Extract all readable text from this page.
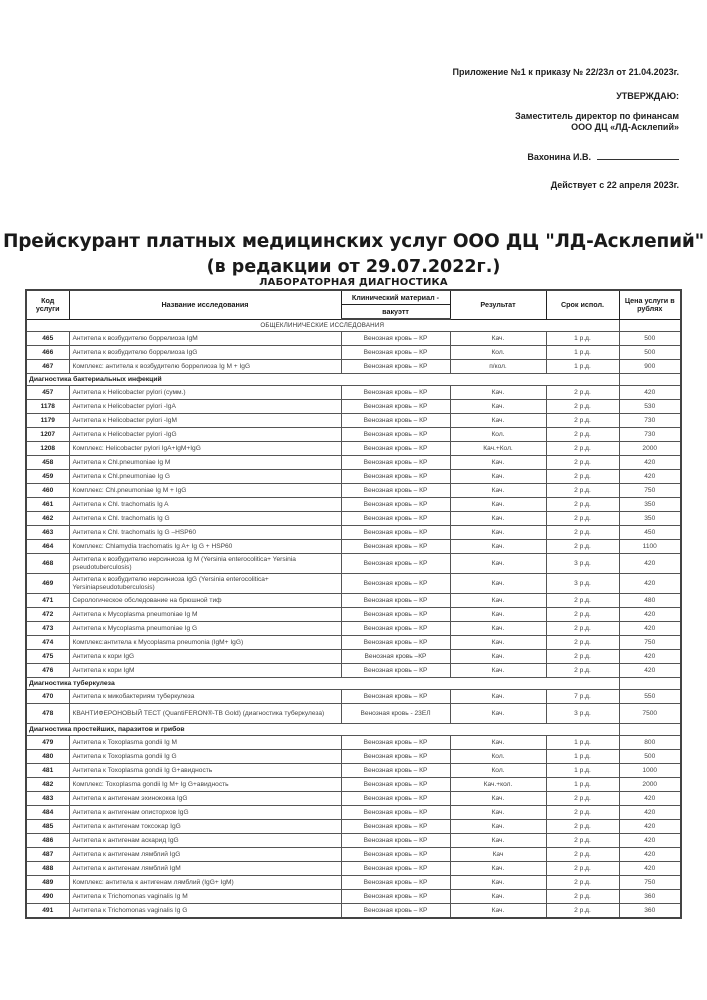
Приложение №1 к приказу № 22/23л от 21.04.2023г.
УТВЕРЖДАЮ:
Заместитель директор по финансам
ООО ДЦ «ЛД-Асклепий»
Вахонина И.В.
Действует с 22 апреля 2023г.
Прейскурант платных медицинских услуг ООО ДЦ "ЛД-Асклепий"
(в редакции от 29.07.2022г.)
ЛАБОРАТОРНАЯ ДИАГНОСТИКА
Код услуги	Название исследования	Клинический материал -	Результат	Срок испол.	Цена услуги в рублях
		вакуэтт			
ОБЩЕКЛИНИЧЕСКИЕ ИССЛЕДОВАНИЯ					
465	Антитела к возбудителю боррелиоза IgM	Венозная кровь – КР	Кач.	1 р.д.	500
466	Антитела к возбудителю боррелиоза IgG	Венозная кровь – КР	Кол.	1 р.д.	500
467	Комплекс: антитела к возбудителю боррелиоза Ig M + IgG	Венозная кровь – КР	п/кол.	1 р.д.	900
Диагностика бактериальных инфекций					
457	Антитела к Helicobacter pylori (сумм.)	Венозная кровь – КР	Кач.	2 р.д.	420
1178	Антитела к Helicobacter pylori -IgA	Венозная кровь – КР	Кач.	2 р.д.	530
1179	Антитела к Helicobacter pylori -IgM	Венозная кровь – КР	Кач.	2 р.д.	730
1207	Антитела к Helicobacter pylori -IgG	Венозная кровь – КР	Кол.	2 р.д.	730
1208	Комплекс: Helicobacter pylori IgA+IgM+IgG	Венозная кровь – КР	Кач.+Кол.	2 р.д.	2000
458	Антитела к Chl.pneumoniae Ig M	Венозная кровь – КР	Кач.	2 р.д.	420
459	Антитела к Chl.pneumoniae Ig G	Венозная кровь – КР	Кач.	2 р.д.	420
460	Комплекс: Chl.pneumoniae Ig M + IgG	Венозная кровь – КР	Кач.	2 р.д.	750
461	Антитела к Chl. trachomatis Ig A	Венозная кровь – КР	Кач.	2 р.д.	350
462	Антитела к Chl. trachomatis Ig G	Венозная кровь – КР	Кач.	2 р.д.	350
463	Антитела к Chl. trachomatis Ig G –HSP60	Венозная кровь – КР	Кач.	2 р.д.	450
464	Комплекс: Chlamydia trachomatis Ig A+ Ig G + HSP60	Венозная кровь – КР	Кач.	2 р.д.	1100
468	Антитела к возбудителю иерсиниоза Ig M (Yersinia enterocolitica+ Yersinia pseudotuberculosis)	Венозная кровь – КР	Кач.	3 р.д.	420
469	Антитела к возбудителю иерсиниоза IgG (Yersinia enterocolitica+ Yersiniapseudotuberculosis)	Венозная кровь – КР	Кач.	3 р.д.	420
471	Серологическое обследование на брюшной тиф	Венозная кровь – КР	Кач.	2 р.д.	480
472	Антитела к Mycoplasma pneumoniae Ig M	Венозная кровь – КР	Кач.	2 р.д.	420
473	Антитела к Mycoplasma pneumoniae Ig G	Венозная кровь – КР	Кач.	2 р.д.	420
474	Комплекс:антитела к Mycoplasma pneumonia (IgM+ IgG)	Венозная кровь – КР	Кач.	2 р.д.	750
475	Антитела к кори IgG	Венозная кровь –КР	Кач.	2 р.д.	420
476	Антитела к кори IgM	Венозная кровь – КР	Кач.	2 р.д.	420
Диагностика туберкулеза					
470	Антитела к микобактериям туберкулеза	Венозная кровь – КР	Кач.	7 р.д.	550
478	КВАНТИФЕРОНОВЫЙ ТЕСТ (QuantiFERON®-TB Gold) (диагностика туберкулеза)	Венозная кровь - 23ЕЛ	Кач.	3 р.д.	7500
Диагностика простейших, паразитов и грибов					
479	Антитела к Toxoplasma gondii Ig M	Венозная кровь – КР	Кач.	1 р.д.	800
480	Антитела к Toxoplasma gondii Ig G	Венозная кровь – КР	Кол.	1 р.д.	500
481	Антитела к Toxoplasma gondii Ig G+авидность	Венозная кровь – КР	Кол.	1 р.д.	1000
482	Комплекс: Toxoplasma gondii Ig M+ Ig G+авидность	Венозная кровь – КР	Кач.+кол.	1 р.д.	2000
483	Антитела к антигенам эхинококка IgG	Венозная кровь – КР	Кач.	2 р.д.	420
484	Антитела к антигенам описторхов IgG	Венозная кровь – КР	Кач.	2 р.д.	420
485	Антитела к антигенам токсокар IgG	Венозная кровь – КР	Кач.	2 р.д.	420
486	Антитела к антигенам аскарид IgG	Венозная кровь – КР	Кач.	2 р.д.	420
487	Антитела к антигенам лямблий IgG	Венозная кровь – КР	Кач	2 р.д.	420
488	Антитела к антигенам лямблий IgM	Венозная кровь – КР	Кач.	2 р.д.	420
489	Комплекс: антитела к антигенам лямблий (IgG+ IgM)	Венозная кровь – КР	Кач.	2 р.д.	750
490	Антитела к Trichomonas vaginalis Ig M	Венозная кровь – КР	Кач.	2 р.д.	360
491	Антитела к Trichomonas vaginalis Ig G	Венозная кровь – КР	Кач.	2 р.д.	360
